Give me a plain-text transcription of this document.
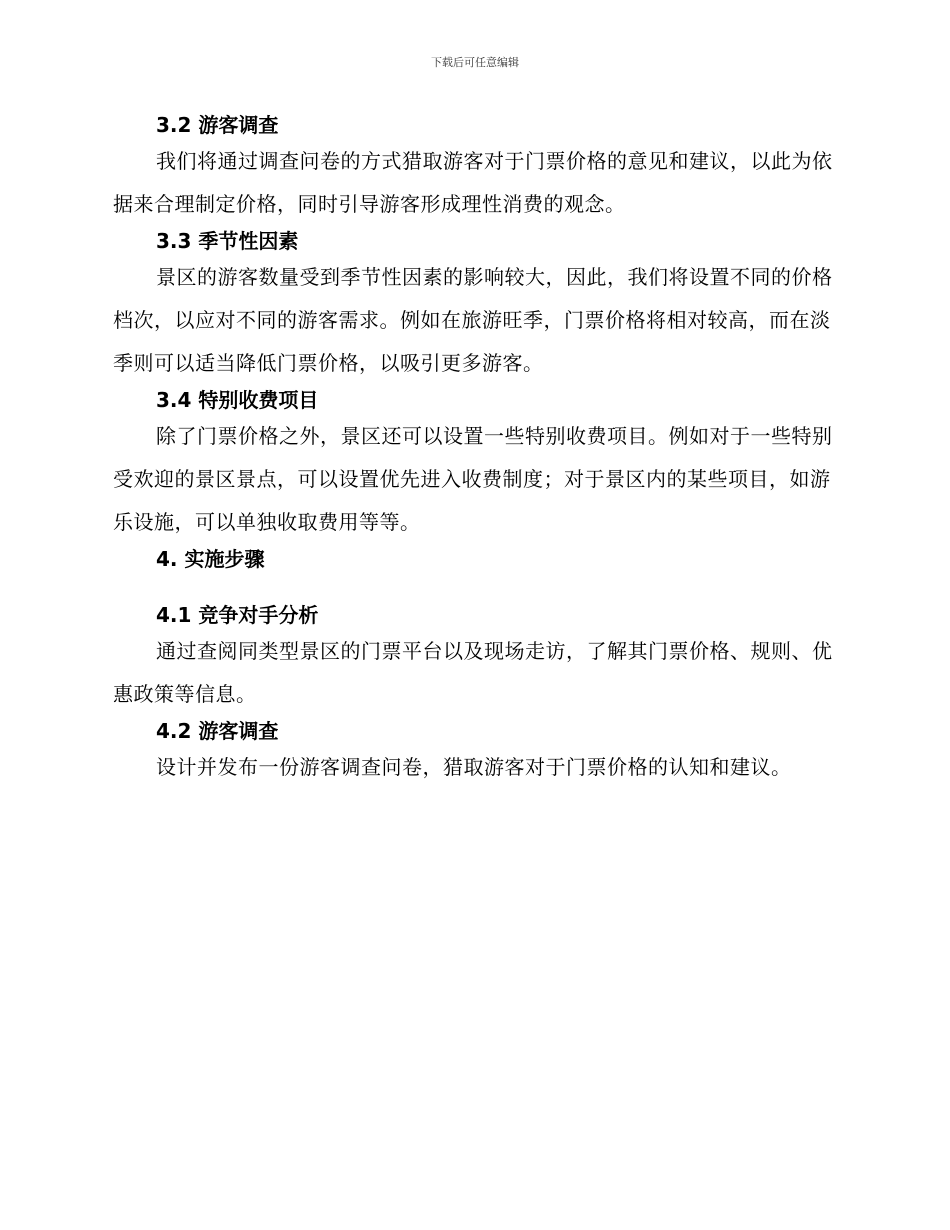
下载后可任意编辑
3.2 游客调查

我们将通过调查问卷的方式猎取游客对于门票价格的意见和建议，以此为依据来合理制定价格，同时引导游客形成理性消费的观念。

3.3 季节性因素

景区的游客数量受到季节性因素的影响较大，因此，我们将设置不同的价格档次，以应对不同的游客需求。例如在旅游旺季，门票价格将相对较高，而在淡季则可以适当降低门票价格，以吸引更多游客。

3.4 特别收费项目

除了门票价格之外，景区还可以设置一些特别收费项目。例如对于一些特别受欢迎的景区景点，可以设置优先进入收费制度；对于景区内的某些项目，如游乐设施，可以单独收取费用等等。

4. 实施步骤
4.1 竞争对手分析

通过查阅同类型景区的门票平台以及现场走访，了解其门票价格、规则、优惠政策等信息。

4.2 游客调查

设计并发布一份游客调查问卷，猎取游客对于门票价格的认知和建议。
